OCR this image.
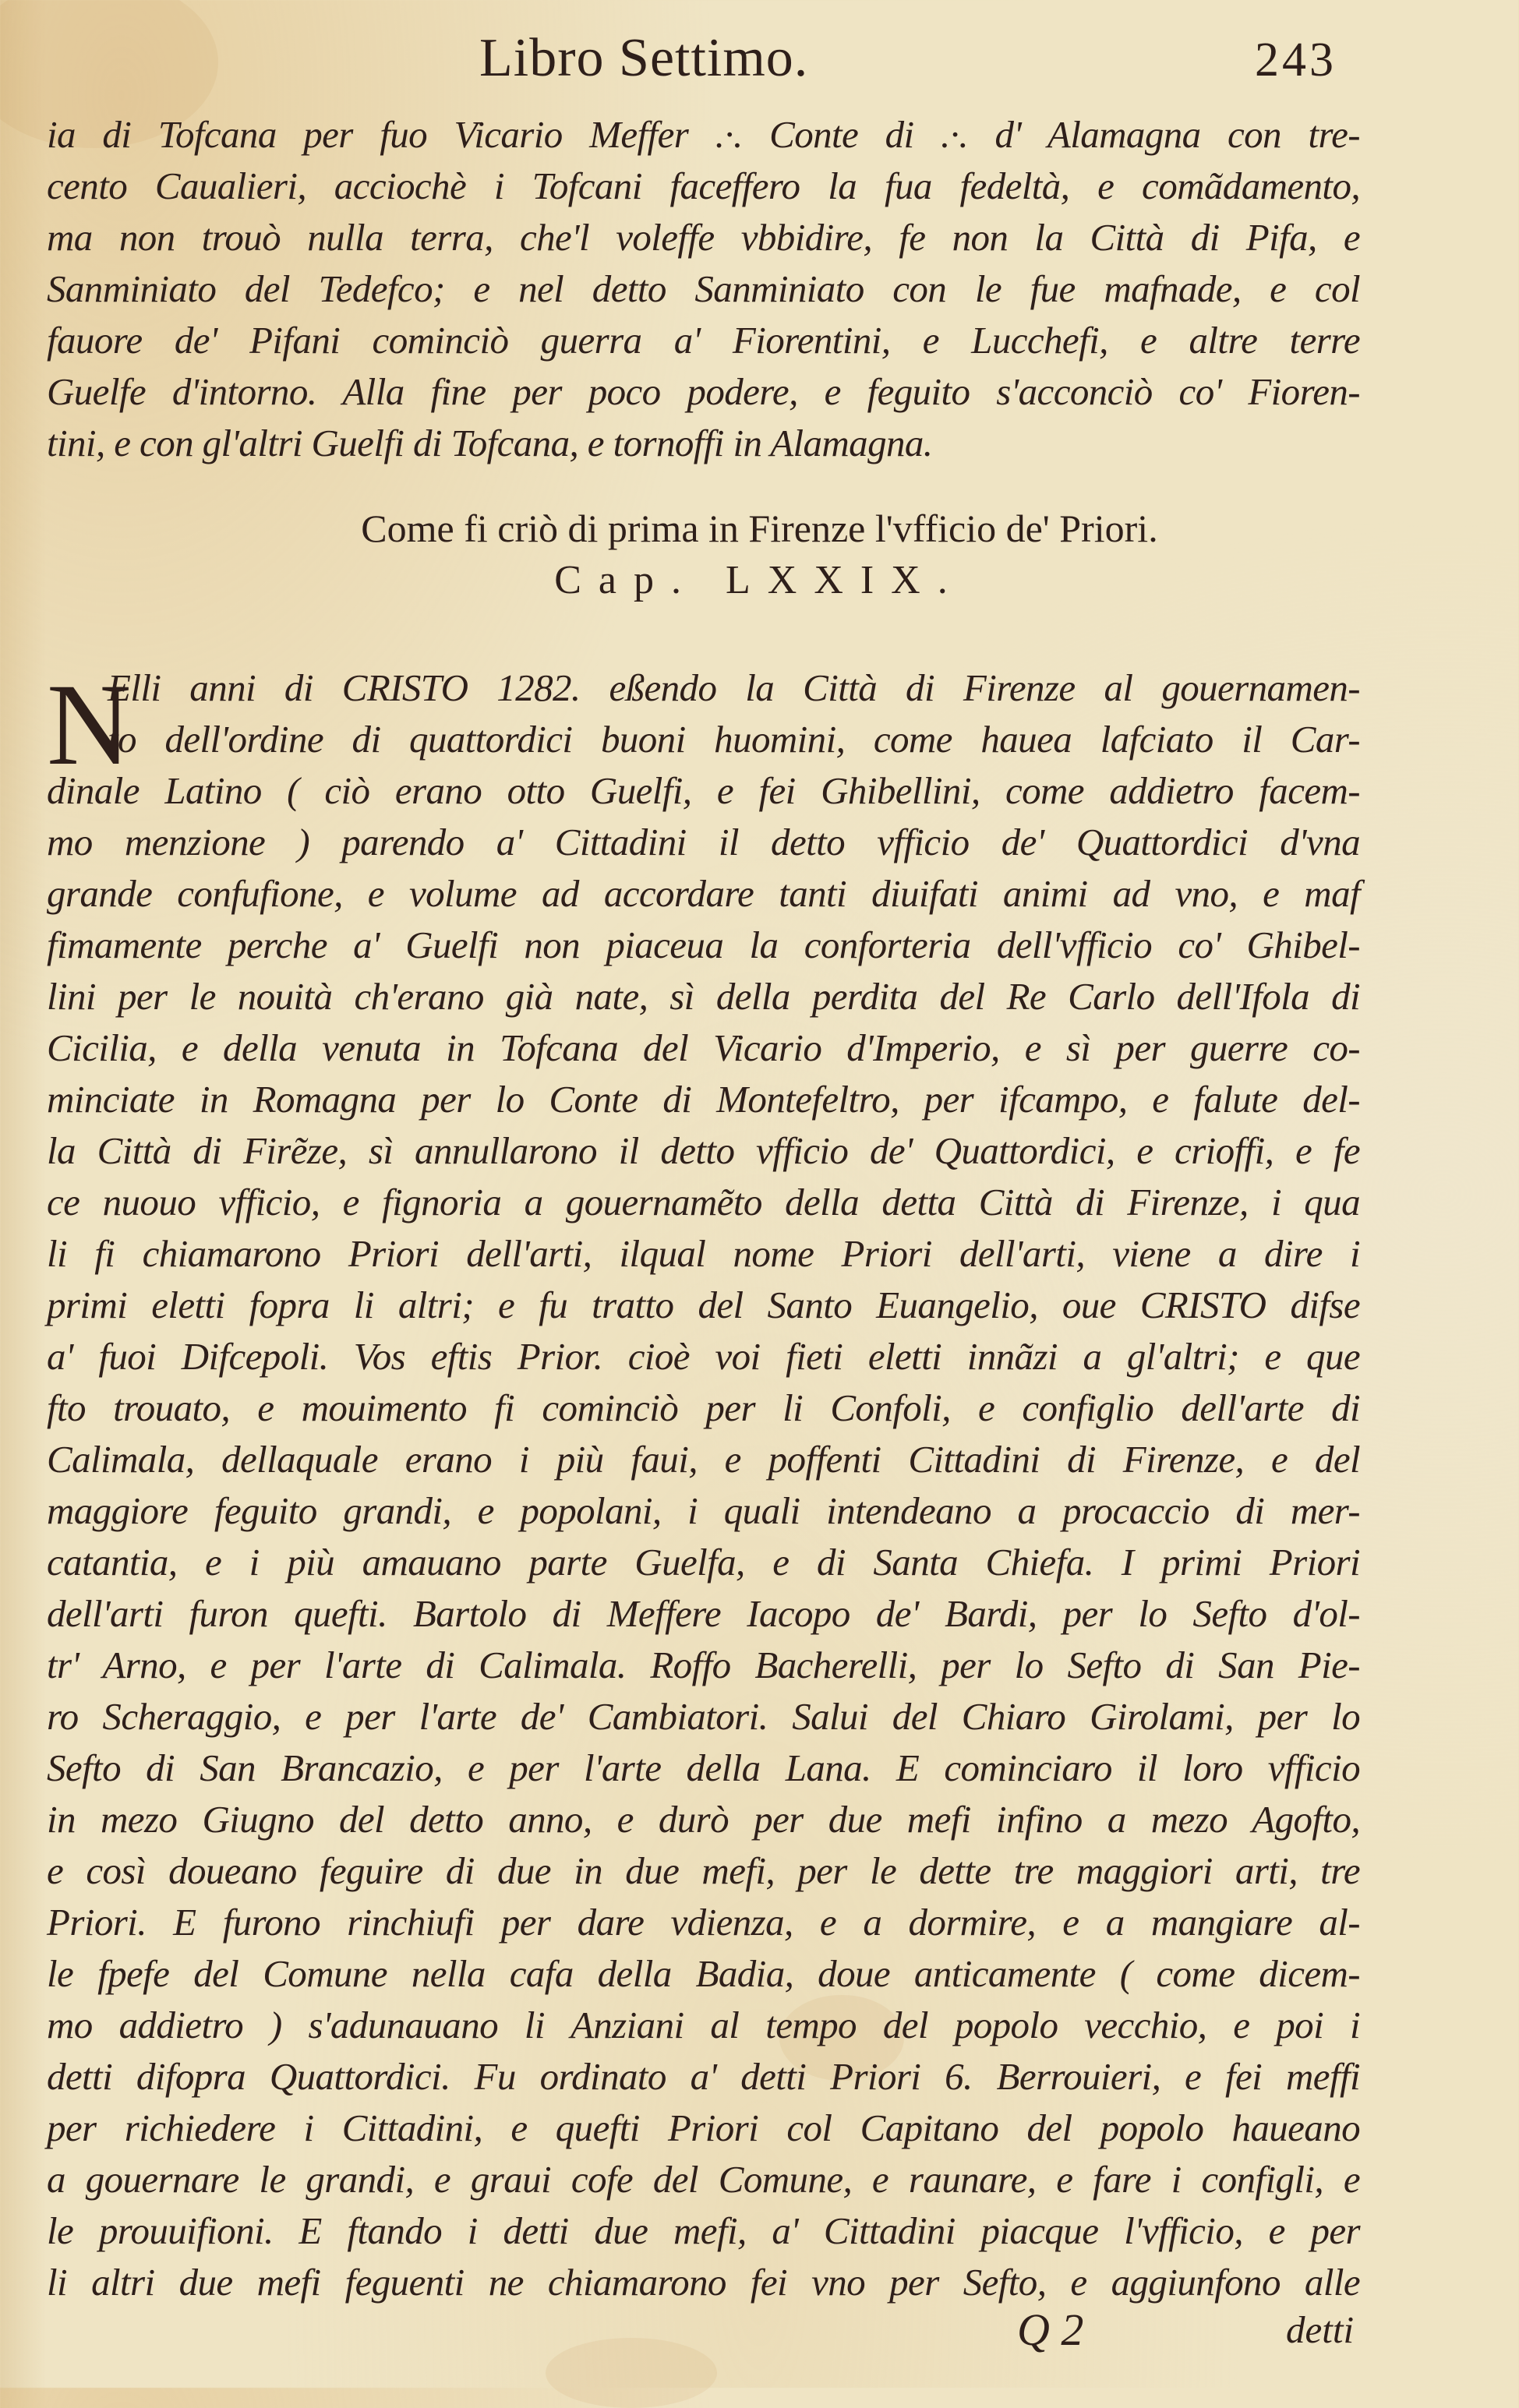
Libro Settimo.	243
ia di Tofcana per fuo Vicario Meffer .·. Conte di .·. d' Alamagna con tre-
cento Caualieri, acciochè i Tofcani faceffero la fua fedeltà, e comãdamento,
ma non trouò nulla terra, che'l voleffe vbbidire, fe non la Città di Pifa, e
Sanminiato del Tedefco; e nel detto Sanminiato con le fue mafnade, e col
fauore de' Pifani cominciò guerra a' Fiorentini, e Lucchefi, e altre terre
Guelfe d'intorno. Alla fine per poco podere, e feguito s'acconciò co' Fioren-
tini, e con gl'altri Guelfi di Tofcana, e tornoffi in Alamagna.
Come fi criò di prima in Firenze l'vfficio de' Priori.
Cap. LXXIX.
N
Elli anni di CRISTO 1282. eßendo la Città di Firenze al gouernamen-
to dell'ordine di quattordici buoni huomini, come hauea lafciato il Car-
dinale Latino ( ciò erano otto Guelfi, e fei Ghibellini, come addietro facem-
mo menzione ) parendo a' Cittadini il detto vfficio de' Quattordici d'vna
grande confufione, e volume ad accordare tanti diuifati animi ad vno, e maf
fimamente perche a' Guelfi non piaceua la conforteria dell'vfficio co' Ghibel-
lini per le nouità ch'erano già nate, sì della perdita del Re Carlo dell'Ifola di
Cicilia, e della venuta in Tofcana del Vicario d'Imperio, e sì per guerre co-
minciate in Romagna per lo Conte di Montefeltro, per ifcampo, e falute del-
la Città di Firẽze, sì annullarono il detto vfficio de' Quattordici, e crioffi, e fe
ce nuouo vfficio, e fignoria a gouernamẽto della detta Città di Firenze, i qua
li fi chiamarono Priori dell'arti, ilqual nome Priori dell'arti, viene a dire i
primi eletti fopra li altri; e fu tratto del Santo Euangelio, oue CRISTO difse
a' fuoi Difcepoli. Vos eftis Prior. cioè voi fieti eletti innãzi a gl'altri; e que
fto trouato, e mouimento fi cominciò per li Confoli, e configlio dell'arte di
Calimala, dellaquale erano i più faui, e poffenti Cittadini di Firenze, e del
maggiore feguito grandi, e popolani, i quali intendeano a procaccio di mer-
catantia, e i più amauano parte Guelfa, e di Santa Chiefa. I primi Priori
dell'arti furon quefti. Bartolo di Meffere Iacopo de' Bardi, per lo Sefto d'ol-
tr' Arno, e per l'arte di Calimala. Roffo Bacherelli, per lo Sefto di San Pie-
ro Scheraggio, e per l'arte de' Cambiatori. Salui del Chiaro Girolami, per lo
Sefto di San Brancazio, e per l'arte della Lana. E cominciaro il loro vfficio
in mezo Giugno del detto anno, e durò per due mefi infino a mezo Agofto,
e così doueano feguire di due in due mefi, per le dette tre maggiori arti, tre
Priori. E furono rinchiufi per dare vdienza, e a dormire, e a mangiare al-
le fpefe del Comune nella cafa della Badia, doue anticamente ( come dicem-
mo addietro ) s'adunauano li Anziani al tempo del popolo vecchio, e poi i
detti difopra Quattordici. Fu ordinato a' detti Priori 6. Berrouieri, e fei meffi
per richiedere i Cittadini, e quefti Priori col Capitano del popolo haueano
a gouernare le grandi, e graui cofe del Comune, e raunare, e fare i configli, e
le prouuifioni. E ftando i detti due mefi, a' Cittadini piacque l'vfficio, e per
li altri due mefi feguenti ne chiamarono fei vno per Sefto, e aggiunfono alle
Q 2	detti
